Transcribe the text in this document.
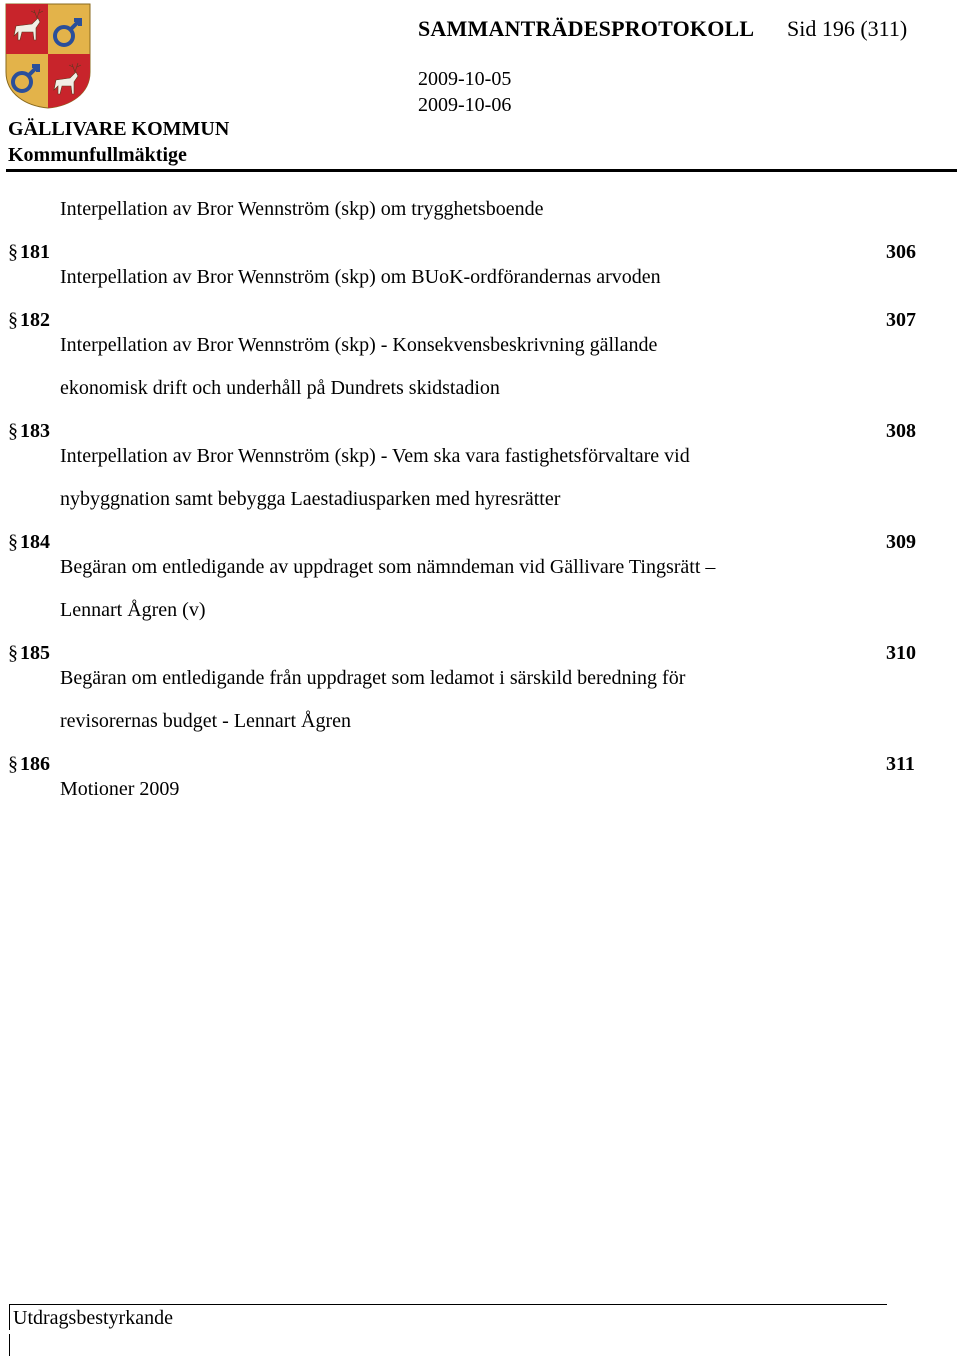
GÄLLIVARE KOMMUN
Kommunfullmäktige
SAMMANTRÄDESPROTOKOLL Sid 196 (311)
2009-10-05
2009-10-06
Interpellation av Bror Wennström (skp) om trygghetsboende
§ 181	306
Interpellation av Bror Wennström (skp) om BUoK-ordförandernas arvoden
§ 182	307
Interpellation av Bror Wennström (skp) - Konsekvensbeskrivning gällande
ekonomisk drift och underhåll på Dundrets skidstadion
§ 183	308
Interpellation av Bror Wennström (skp) - Vem ska vara fastighetsförvaltare vid
nybyggnation samt bebygga Laestadiusparken med hyresrätter
§ 184	309
Begäran om entledigande av uppdraget som nämndeman vid Gällivare Tingsrätt –
Lennart Ågren (v)
§ 185	310
Begäran om entledigande från uppdraget som ledamot i särskild beredning för
revisorernas budget - Lennart Ågren
§ 186	311
Motioner 2009
Utdragsbestyrkande
